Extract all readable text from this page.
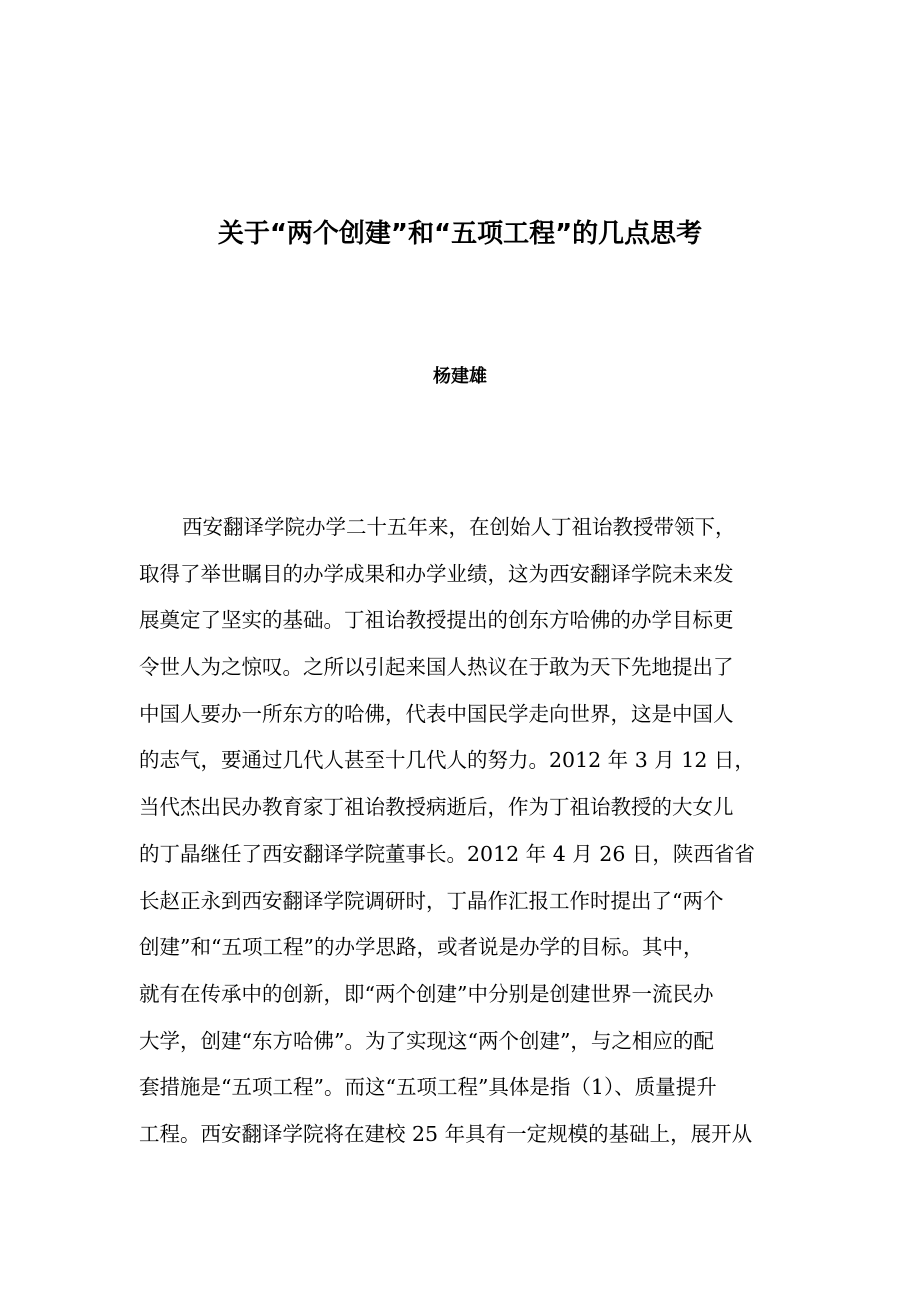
关于“两个创建”和“五项工程”的几点思考
杨建雄
西安翻译学院办学二十五年来，在创始人丁祖诒教授带领下，
取得了举世瞩目的办学成果和办学业绩，这为西安翻译学院未来发
展奠定了坚实的基础。丁祖诒教授提出的创东方哈佛的办学目标更
令世人为之惊叹。之所以引起来国人热议在于敢为天下先地提出了
中国人要办一所东方的哈佛，代表中国民学走向世界，这是中国人
的志气，要通过几代人甚至十几代人的努力。2012 年 3 月 12 日，
当代杰出民办教育家丁祖诒教授病逝后，作为丁祖诒教授的大女儿
的丁晶继任了西安翻译学院董事长。2012 年 4 月 26 日，陕西省省
长赵正永到西安翻译学院调研时，丁晶作汇报工作时提出了“两个
创建”和“五项工程”的办学思路，或者说是办学的目标。其中，
就有在传承中的创新，即“两个创建”中分别是创建世界一流民办
大学，创建“东方哈佛”。为了实现这“两个创建”，与之相应的配
套措施是“五项工程”。而这“五项工程”具体是指（1）、质量提升
工程。西安翻译学院将在建校 25 年具有一定规模的基础上，展开从
